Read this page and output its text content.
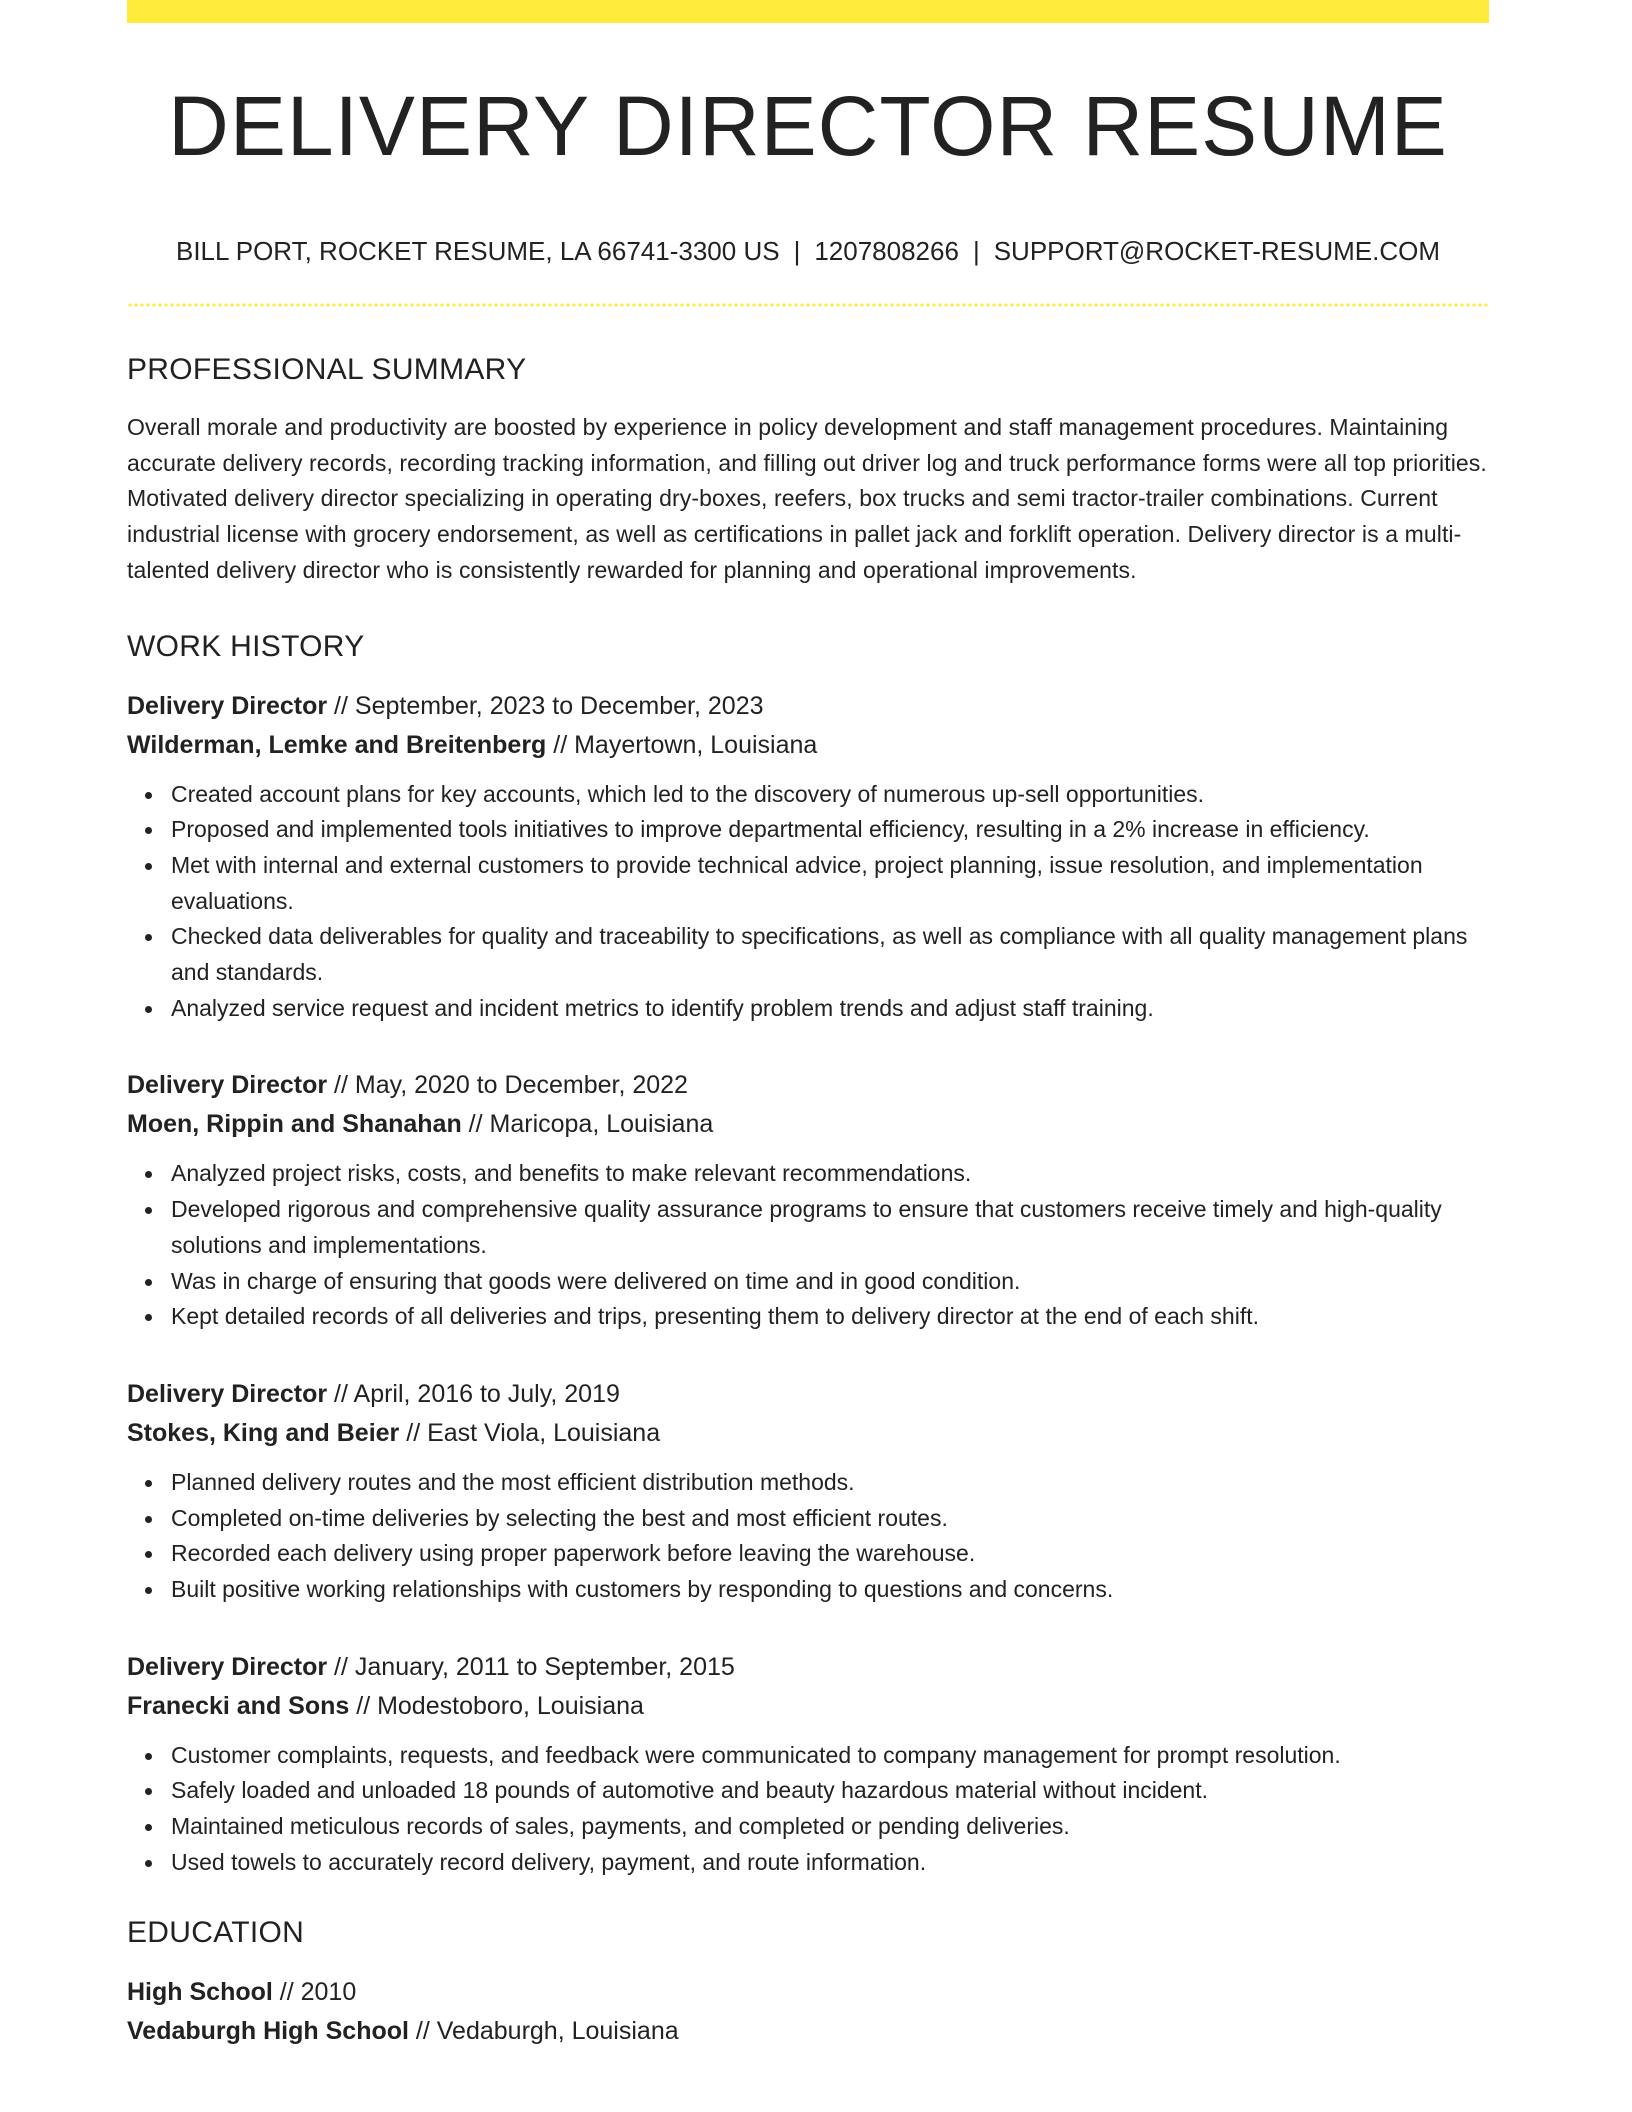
DELIVERY DIRECTOR RESUME
BILL PORT, ROCKET RESUME, LA 66741-3300 US | 1207808266 | SUPPORT@ROCKET-RESUME.COM
PROFESSIONAL SUMMARY

Overall morale and productivity are boosted by experience in policy development and staff management procedures. Maintaining accurate delivery records, recording tracking information, and filling out driver log and truck performance forms were all top priorities. Motivated delivery director specializing in operating dry-boxes, reefers, box trucks and semi tractor-trailer combinations. Current industrial license with grocery endorsement, as well as certifications in pallet jack and forklift operation. Delivery director is a multi-talented delivery director who is consistently rewarded for planning and operational improvements.

WORK HISTORY
Delivery Director // September, 2023 to December, 2023
Wilderman, Lemke and Breitenberg // Mayertown, Louisiana
Created account plans for key accounts, which led to the discovery of numerous up-sell opportunities.
Proposed and implemented tools initiatives to improve departmental efficiency, resulting in a 2% increase in efficiency.
Met with internal and external customers to provide technical advice, project planning, issue resolution, and implementation evaluations.
Checked data deliverables for quality and traceability to specifications, as well as compliance with all quality management plans and standards.
Analyzed service request and incident metrics to identify problem trends and adjust staff training.
Delivery Director // May, 2020 to December, 2022
Moen, Rippin and Shanahan // Maricopa, Louisiana
Analyzed project risks, costs, and benefits to make relevant recommendations.
Developed rigorous and comprehensive quality assurance programs to ensure that customers receive timely and high-quality solutions and implementations.
Was in charge of ensuring that goods were delivered on time and in good condition.
Kept detailed records of all deliveries and trips, presenting them to delivery director at the end of each shift.
Delivery Director // April, 2016 to July, 2019
Stokes, King and Beier // East Viola, Louisiana
Planned delivery routes and the most efficient distribution methods.
Completed on-time deliveries by selecting the best and most efficient routes.
Recorded each delivery using proper paperwork before leaving the warehouse.
Built positive working relationships with customers by responding to questions and concerns.
Delivery Director // January, 2011 to September, 2015
Franecki and Sons // Modestoboro, Louisiana
Customer complaints, requests, and feedback were communicated to company management for prompt resolution.
Safely loaded and unloaded 18 pounds of automotive and beauty hazardous material without incident.
Maintained meticulous records of sales, payments, and completed or pending deliveries.
Used towels to accurately record delivery, payment, and route information.
EDUCATION
High School // 2010
Vedaburgh High School // Vedaburgh, Louisiana
